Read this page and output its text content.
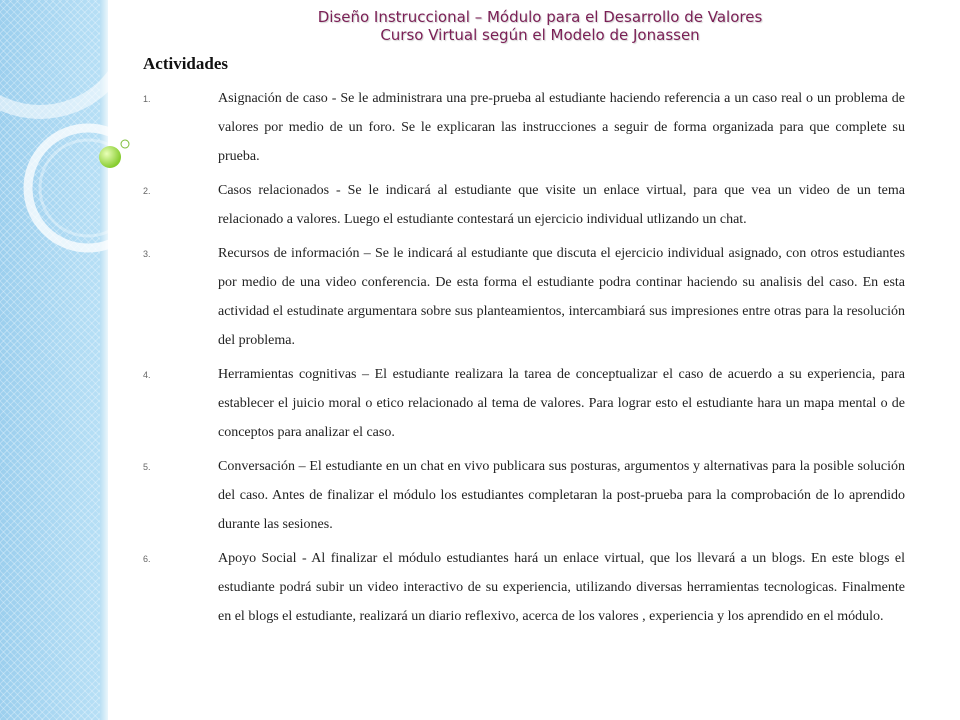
Diseño Instruccional – Módulo para el Desarrollo de Valores
Curso Virtual según el Modelo de Jonassen
Actividades
1.	Asignación de caso - Se le administrara una pre-prueba al estudiante haciendo referencia a un caso real o un problema de valores por medio de un foro. Se le explicaran las instrucciones a seguir de forma organizada para que complete su prueba.
2.	Casos relacionados - Se le indicará al estudiante que visite un enlace virtual, para que vea un video de un tema relacionado a valores. Luego el estudiante contestará un ejercicio individual utlizando un chat.
3.	Recursos de información – Se le indicará al estudiante que discuta el ejercicio individual asignado, con otros estudiantes por medio de una video conferencia. De esta forma el estudiante podra continar haciendo su analisis del caso. En esta actividad el estudinate argumentara sobre sus planteamientos, intercambiará sus impresiones entre otras para la resolución del problema.
4.	Herramientas cognitivas – El estudiante realizara la tarea de conceptualizar el caso de acuerdo a su experiencia, para establecer el juicio moral o etico relacionado al tema de valores. Para lograr esto el estudiante hara un mapa mental o de conceptos para analizar el caso.
5.	Conversación – El estudiante en un chat en vivo publicara sus posturas, argumentos y alternativas para la posible solución del caso. Antes de finalizar el módulo los estudiantes completaran la post-prueba para la comprobación de lo aprendido durante las sesiones.
6.	Apoyo Social - Al finalizar el módulo estudiantes hará un enlace virtual, que los llevará a un blogs. En este blogs el estudiante podrá subir un video interactivo de su experiencia, utilizando diversas herramientas tecnologicas. Finalmente en el blogs el estudiante, realizará un diario reflexivo, acerca de los valores , experiencia y los aprendido en el módulo.
